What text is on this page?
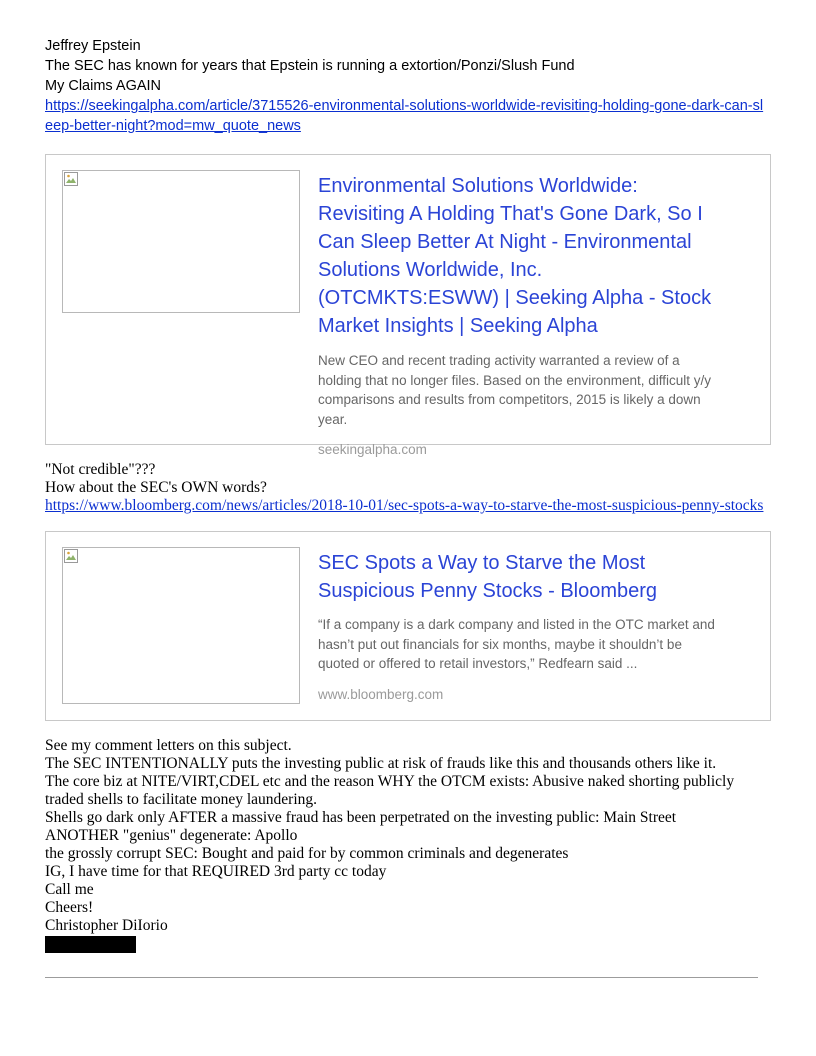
Jeffrey Epstein
The SEC has known for years that Epstein is running a extortion/Ponzi/Slush Fund
My Claims AGAIN
https://seekingalpha.com/article/3715526-environmental-solutions-worldwide-revisiting-holding-gone-dark-can-sleep-better-night?mod=mw_quote_news

Environmental Solutions Worldwide: Revisiting A Holding That's Gone Dark, So I Can Sleep Better At Night - Environmental Solutions Worldwide, Inc. (OTCMKTS:ESWW) | Seeking Alpha - Stock Market Insights | Seeking Alpha

New CEO and recent trading activity warranted a review of a holding that no longer files. Based on the environment, difficult y/y comparisons and results from competitors, 2015 is likely a down year.

seekingalpha.com

"Not credible"???
How about the SEC's OWN words?
https://www.bloomberg.com/news/articles/2018-10-01/sec-spots-a-way-to-starve-the-most-suspicious-penny-stocks

SEC Spots a Way to Starve the Most Suspicious Penny Stocks - Bloomberg

“If a company is a dark company and listed in the OTC market and hasn’t put out financials for six months, maybe it shouldn’t be quoted or offered to retail investors,” Redfearn said ...

www.bloomberg.com

See my comment letters on this subject.
The SEC INTENTIONALLY puts the investing public at risk of frauds like this and thousands others like it.
The core biz at NITE/VIRT,CDEL etc and the reason WHY the OTCM exists: Abusive naked shorting publicly traded shells to facilitate money laundering.
Shells go dark only AFTER a massive fraud has been perpetrated on the investing public: Main Street
ANOTHER "genius" degenerate: Apollo
the grossly corrupt SEC: Bought and paid for by common criminals and degenerates
IG, I have time for that REQUIRED 3rd party cc today
Call me
Cheers!
Christopher DiIorio
